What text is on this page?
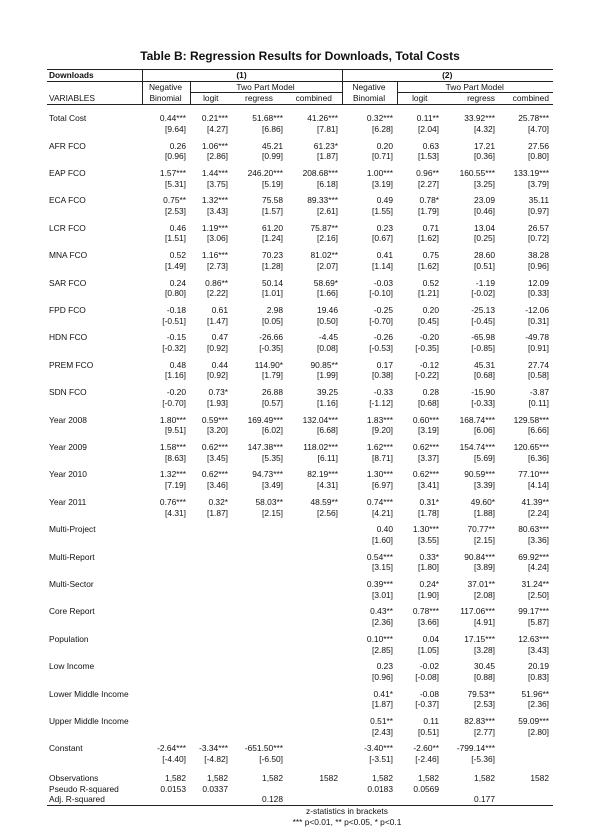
Table B: Regression Results for Downloads, Total Costs
Downloads	(1)				(2)			
	Negative	Two Part Model			Negative	Two Part Model		
VARIABLES	Binomial	logit	regress	combined	Binomial	logit	regress	combined

Total Cost	0.44***	0.21***	51.68***	41.26***	0.32***	0.11**	33.92***	25.78***
	[9.64]	[4.27]	[6.86]	[7.81]	[6.28]	[2.04]	[4.32]	[4.70]

AFR FCO	0.26	1.06***	45.21	61.23*	0.20	0.63	17.21	27.56
	[0.96]	[2.86]	[0.99]	[1.87]	[0.71]	[1.53]	[0.36]	[0.80]

EAP FCO	1.57***	1.44***	246.20***	208.68***	1.00***	0.96**	160.55***	133.19***
	[5.31]	[3.75]	[5.19]	[6.18]	[3.19]	[2.27]	[3.25]	[3.79]

ECA FCO	0.75**	1.32***	75.58	89.33***	0.49	0.78*	23.09	35.11
	[2.53]	[3.43]	[1.57]	[2.61]	[1.55]	[1.79]	[0.46]	[0.97]

LCR FCO	0.46	1.19***	61.20	75.87**	0.23	0.71	13.04	26.57
	[1.51]	[3.06]	[1.24]	[2.16]	[0.67]	[1.62]	[0.25]	[0.72]

MNA FCO	0.52	1.16***	70.23	81.02**	0.41	0.75	28.60	38.28
	[1.49]	[2.73]	[1.28]	[2.07]	[1.14]	[1.62]	[0.51]	[0.96]

SAR FCO	0.24	0.86**	50.14	58.69*	-0.03	0.52	-1.19	12.09
	[0.80]	[2.22]	[1.01]	[1.66]	[-0.10]	[1.21]	[-0.02]	[0.33]

FPD FCO	-0.18	0.61	2.98	19.46	-0.25	0.20	-25.13	-12.06
	[-0.51]	[1.47]	[0.05]	[0.50]	[-0.70]	[0.45]	[-0.45]	[0.31]

HDN FCO	-0.15	0.47	-26.66	-4.45	-0.26	-0.20	-65.98	-49.78
	[-0.32]	[0.92]	[-0.35]	[0.08]	[-0.53]	[-0.35]	[-0.85]	[0.91]

PREM FCO	0.48	0.44	114.90*	90.85**	0.17	-0.12	45.31	27.74
	[1.16]	[0.92]	[1.79]	[1.99]	[0.38]	[-0.22]	[0.68]	[0.58]

SDN FCO	-0.20	0.73*	26.88	39.25	-0.33	0.28	-15.90	-3.87
	[-0.70]	[1.93]	[0.57]	[1.16]	[-1.12]	[0.68]	[-0.33]	[0.11]

Year 2008	1.80***	0.59***	169.49***	132.04***	1.83***	0.60***	168.74***	129.58***
	[9.51]	[3.20]	[6.02]	[6.68]	[9.20]	[3.19]	[6.06]	[6.66]

Year 2009	1.58***	0.62***	147.38***	118.02***	1.62***	0.62***	154.74***	120.65***
	[8.63]	[3.45]	[5.35]	[6.11]	[8.71]	[3.37]	[5.69]	[6.36]

Year 2010	1.32***	0.62***	94.73***	82.19***	1.30***	0.62***	90.59***	77.10***
	[7.19]	[3.46]	[3.49]	[4.31]	[6.97]	[3.41]	[3.39]	[4.14]

Year 2011	0.76***	0.32*	58.03**	48.59**	0.74***	0.31*	49.60*	41.39**
	[4.31]	[1.87]	[2.15]	[2.56]	[4.21]	[1.78]	[1.88]	[2.24]

Multi-Project					0.40	1.30***	70.77**	80.63***
					[1.60]	[3.55]	[2.15]	[3.36]

Multi-Report					0.54***	0.33*	90.84***	69.92***
					[3.15]	[1.80]	[3.89]	[4.24]

Multi-Sector					0.39***	0.24*	37.01**	31.24**
					[3.01]	[1.90]	[2.08]	[2.50]

Core Report					0.43**	0.78***	117.06***	99.17***
					[2.36]	[3.66]	[4.91]	[5.87]

Population					0.10***	0.04	17.15***	12.63***
					[2.85]	[1.05]	[3.28]	[3.43]

Low Income					0.23	-0.02	30.45	20.19
					[0.96]	[-0.08]	[0.88]	[0.83]

Lower Middle Income					0.41*	-0.08	79.53**	51.96**
					[1.87]	[-0.37]	[2.53]	[2.36]

Upper Middle Income					0.51**	0.11	82.83***	59.09***
					[2.43]	[0.51]	[2.77]	[2.80]

Constant	-2.64***	-3.34***	-651.50***		-3.40***	-2.60**	-799.14***	
	[-4.40]	[-4.82]	[-6.50]		[-3.51]	[-2.46]	[-5.36]	

Observations	1,582	1,582	1,582	1582	1,582	1,582	1,582	1582
Pseudo R-squared	0.0153	0.0337			0.0183	0.0569		
Adj. R-squared			0.128				0.177	
	z-statistics in brackets							
	*** p<0.01, ** p<0.05, * p<0.1							
